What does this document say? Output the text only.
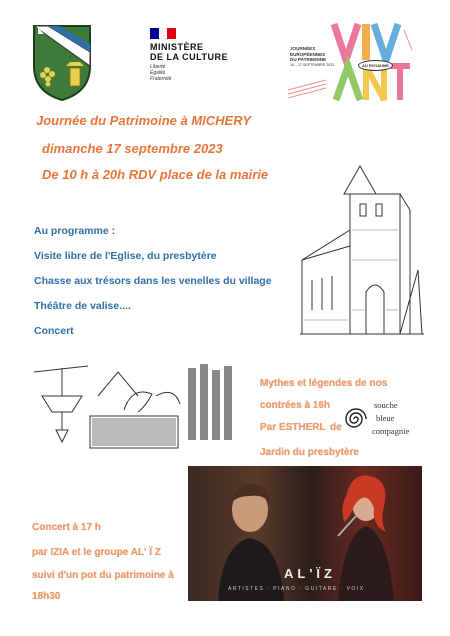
MINISTÈRE
DE LA CULTURE
Liberté
Égalité
Fraternité
JOURNÉES
EUROPÉENNES
DU PATRIMOINE
16 – 17 SEPTEMBRE 2023	AU ROYAUME
Journée du Patrimoine à MICHERY
dimanche 17 septembre 2023
De 10 h à 20h RDV place de la mairie
Au programme :
Visite libre de l'Eglise, du presbytère
Chasse aux trésors dans les venelles du village
Théâtre de valise....
Concert
Mythes et légendes de nos
contrées à 16h
Par ESTHERL de
Jardin du presbytère
souche
bleue
compagnie
AL'ÏZ
ARTISTES · PIANO · GUITARE · VOIX
Concert à 17 h
par IZIA et le groupe AL' Ï Z
suivi d'un pot du patrimoine à
18h30
